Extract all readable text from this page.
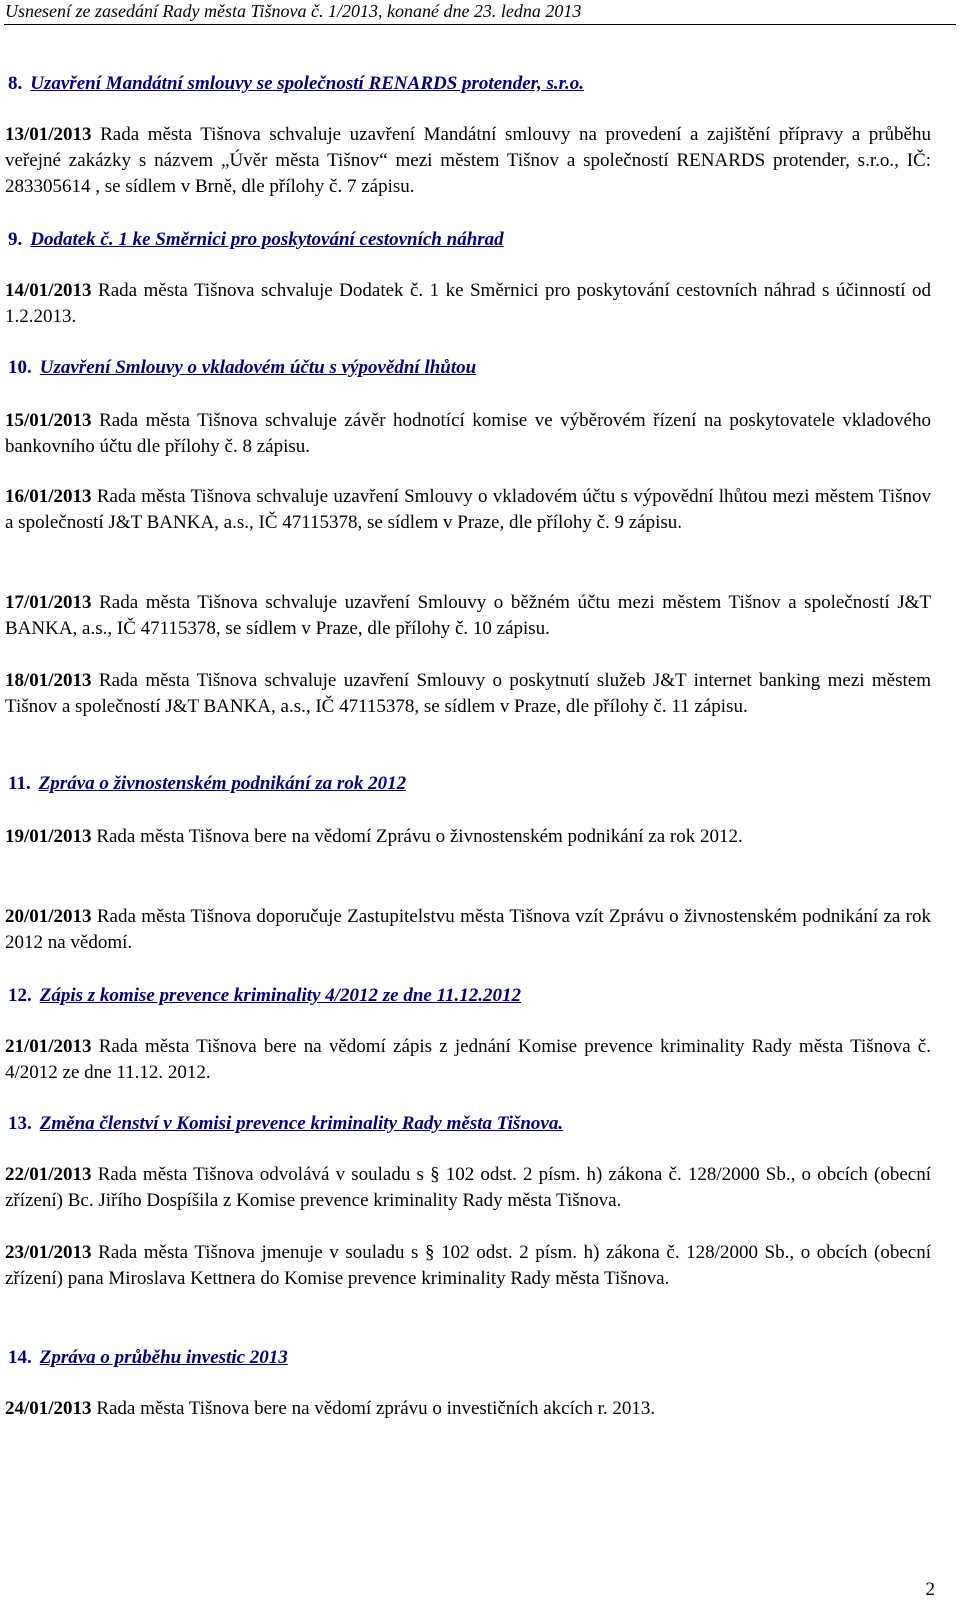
Usnesení ze zasedání Rady města Tišnova č. 1/2013, konané dne 23. ledna 2013
8. Uzavření Mandátní smlouvy se společností RENARDS protender, s.r.o.
13/01/2013 Rada města Tišnova schvaluje uzavření Mandátní smlouvy na provedení a zajištění přípravy a průběhu veřejné zakázky s názvem „Úvěr města Tišnov“ mezi městem Tišnov a společností RENARDS protender, s.r.o., IČ: 283305614 , se sídlem v Brně, dle přílohy č. 7 zápisu.
9. Dodatek č. 1 ke Směrnici pro poskytování cestovních náhrad
14/01/2013 Rada města Tišnova schvaluje Dodatek č. 1 ke Směrnici pro poskytování cestovních náhrad s účinností od 1.2.2013.
10. Uzavření Smlouvy o vkladovém účtu s výpovědní lhůtou
15/01/2013 Rada města Tišnova schvaluje závěr hodnotící komise ve výběrovém řízení na poskytovatele vkladového bankovního účtu dle přílohy č. 8 zápisu.
16/01/2013 Rada města Tišnova schvaluje uzavření Smlouvy o vkladovém účtu s výpovědní lhůtou mezi městem Tišnov a společností J&T BANKA, a.s., IČ 47115378, se sídlem v Praze, dle přílohy č. 9 zápisu.
17/01/2013 Rada města Tišnova schvaluje uzavření Smlouvy o běžném účtu mezi městem Tišnov a společností J&T BANKA, a.s., IČ 47115378, se sídlem v Praze, dle přílohy č. 10 zápisu.
18/01/2013 Rada města Tišnova schvaluje uzavření Smlouvy o poskytnutí služeb J&T internet banking mezi městem Tišnov a společností J&T BANKA, a.s., IČ 47115378, se sídlem v Praze, dle přílohy č. 11 zápisu.
11. Zpráva o živnostenském podnikání za rok 2012
19/01/2013 Rada města Tišnova bere na vědomí Zprávu o živnostenském podnikání za rok 2012.
20/01/2013 Rada města Tišnova doporučuje Zastupitelstvu města Tišnova vzít Zprávu o živnostenském podnikání za rok 2012 na vědomí.
12. Zápis z komise prevence kriminality 4/2012 ze dne 11.12.2012
21/01/2013 Rada města Tišnova bere na vědomí zápis z jednání Komise prevence kriminality Rady města Tišnova č. 4/2012 ze dne 11.12. 2012.
13. Změna členství v Komisi prevence kriminality Rady města Tišnova.
22/01/2013 Rada města Tišnova odvolává v souladu s § 102 odst. 2 písm. h) zákona č. 128/2000 Sb., o obcích (obecní zřízení) Bc. Jiřího Dospíšila z Komise prevence kriminality Rady města Tišnova.
23/01/2013 Rada města Tišnova jmenuje v souladu s § 102 odst. 2 písm. h) zákona č. 128/2000 Sb., o obcích (obecní zřízení) pana Miroslava Kettnera do Komise prevence kriminality Rady města Tišnova.
14. Zpráva o průběhu investic 2013
24/01/2013 Rada města Tišnova bere na vědomí zprávu o investičních akcích r. 2013.
2
